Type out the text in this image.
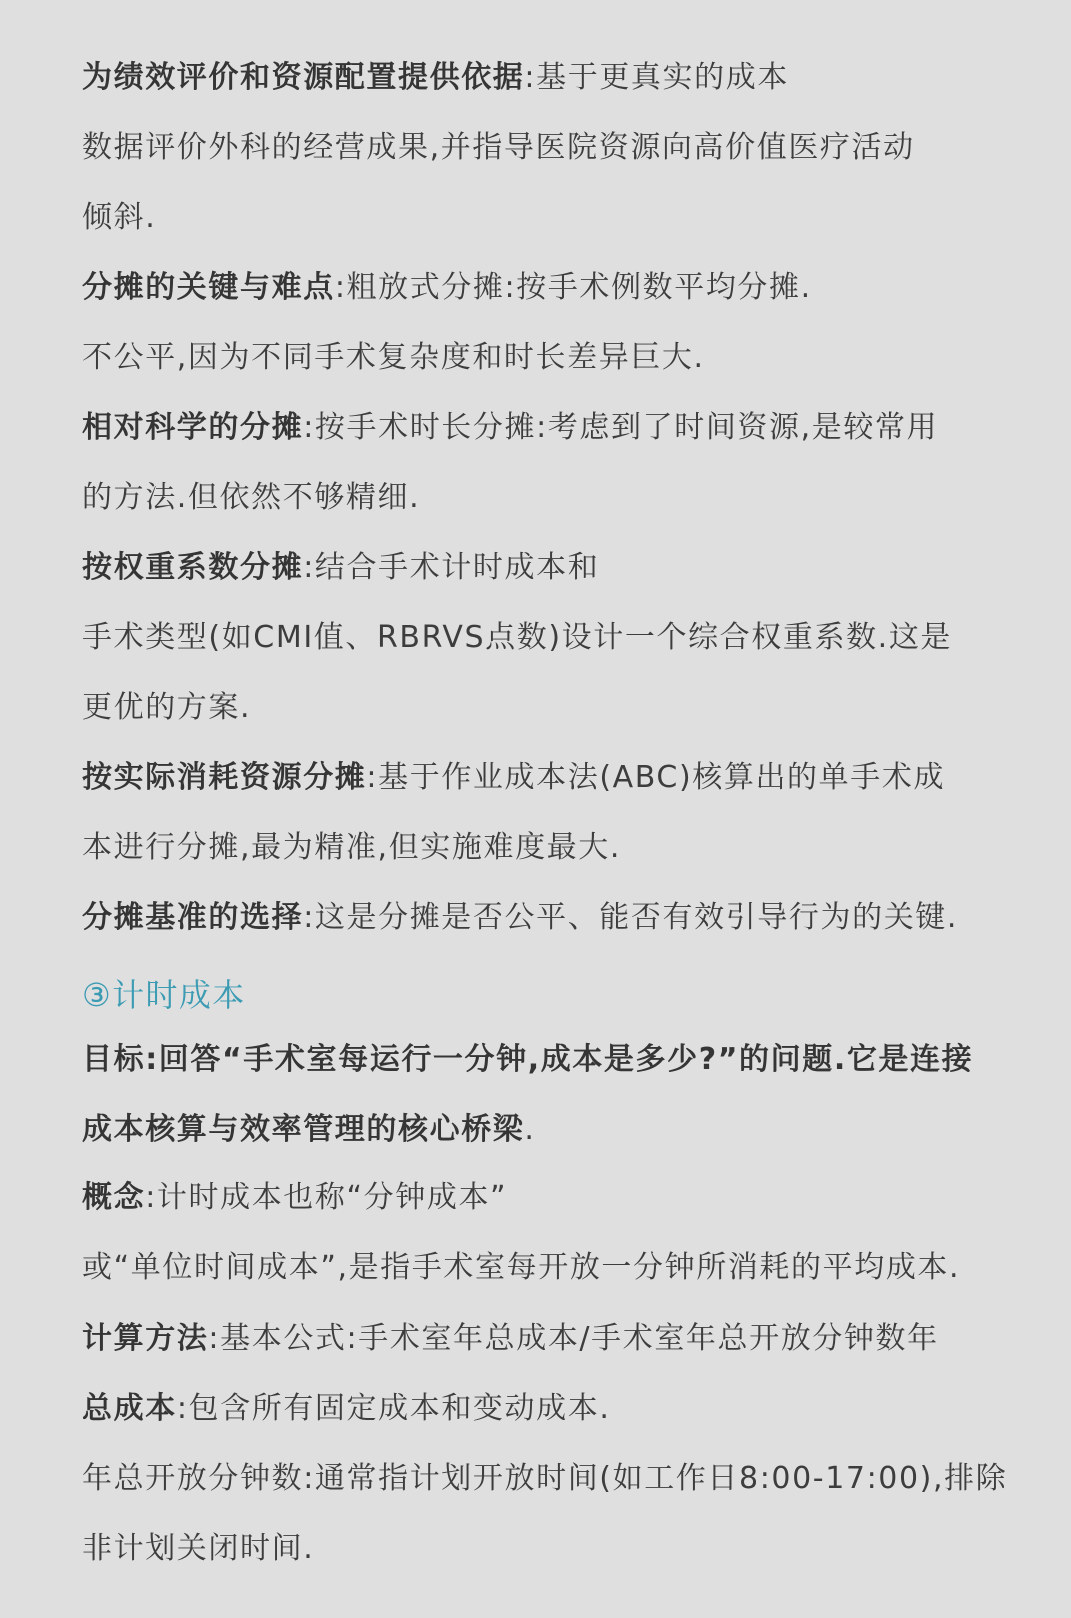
为绩效评价和资源配置提供依据:基于更真实的成本

数据评价外科的经营成果,并指导医院资源向高价值医疗活动

倾斜.

分摊的关键与难点:粗放式分摊:按手术例数平均分摊.

不公平,因为不同手术复杂度和时长差异巨大.

相对科学的分摊:按手术时长分摊:考虑到了时间资源,是较常用

的方法.但依然不够精细.

按权重系数分摊:结合手术计时成本和

手术类型(如CMI值、RBRVS点数)设计一个综合权重系数.这是

更优的方案.

按实际消耗资源分摊:基于作业成本法(ABC)核算出的单手术成

本进行分摊,最为精准,但实施难度最大.

分摊基准的选择:这是分摊是否公平、能否有效引导行为的关键.

③计时成本

目标:回答“手术室每运行一分钟,成本是多少?”的问题.它是连接

成本核算与效率管理的核心桥梁.

概念:计时成本也称“分钟成本”

或“单位时间成本”,是指手术室每开放一分钟所消耗的平均成本.

计算方法:基本公式:手术室年总成本/手术室年总开放分钟数年

总成本:包含所有固定成本和变动成本.

年总开放分钟数:通常指计划开放时间(如工作日8:00-17:00),排除

非计划关闭时间.
